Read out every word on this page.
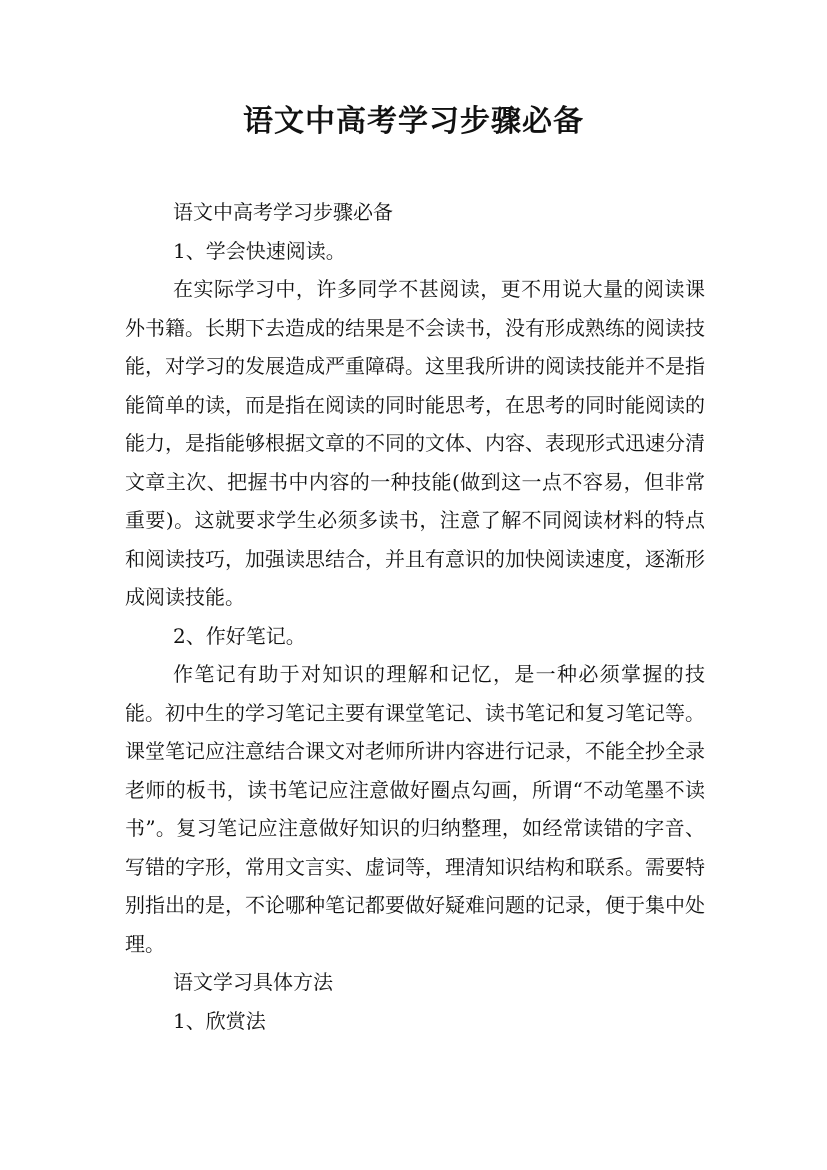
语文中高考学习步骤必备

语文中高考学习步骤必备

1、学会快速阅读。

在实际学习中，许多同学不甚阅读，更不用说大量的阅读课外书籍。长期下去造成的结果是不会读书，没有形成熟练的阅读技能，对学习的发展造成严重障碍。这里我所讲的阅读技能并不是指能简单的读，而是指在阅读的同时能思考，在思考的同时能阅读的能力，是指能够根据文章的不同的文体、内容、表现形式迅速分清文章主次、把握书中内容的一种技能(做到这一点不容易，但非常重要)。这就要求学生必须多读书，注意了解不同阅读材料的特点和阅读技巧，加强读思结合，并且有意识的加快阅读速度，逐渐形成阅读技能。

2、作好笔记。

作笔记有助于对知识的理解和记忆，是一种必须掌握的技能。初中生的学习笔记主要有课堂笔记、读书笔记和复习笔记等。课堂笔记应注意结合课文对老师所讲内容进行记录，不能全抄全录老师的板书，读书笔记应注意做好圈点勾画，所谓“不动笔墨不读书”。复习笔记应注意做好知识的归纳整理，如经常读错的字音、写错的字形，常用文言实、虚词等，理清知识结构和联系。需要特别指出的是，不论哪种笔记都要做好疑难问题的记录，便于集中处理。

语文学习具体方法

1、欣赏法
